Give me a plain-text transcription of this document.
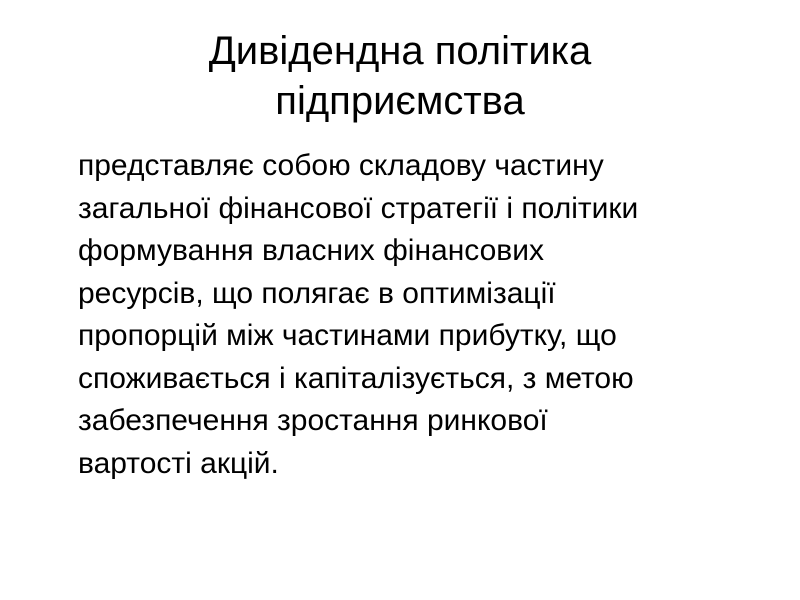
Дивідендна політика
підприємства

представляє собою складову частину
загальної фінансової стратегії і політики
формування власних фінансових
ресурсів, що полягає в оптимізації
пропорцій між частинами прибутку, що
споживається і капіталізується, з метою
забезпечення зростання ринкової
вартості акцій.
